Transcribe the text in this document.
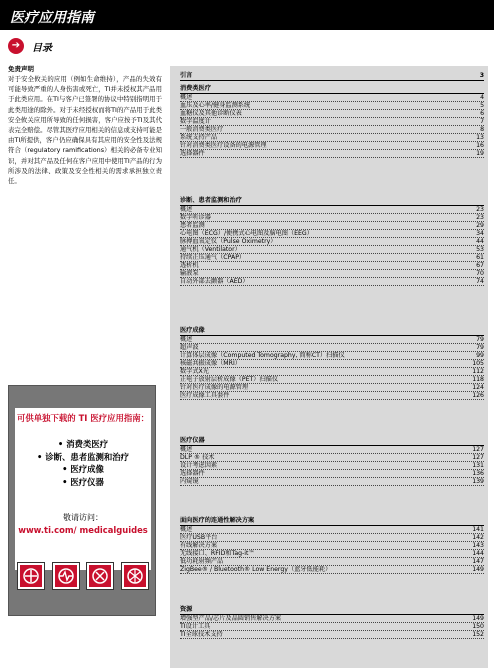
医疗应用指南
➔	目录
免责声明
对于安全攸关的应用（例如生命维持），产品的失效有可能导致严重的人身伤害或死亡，TI并未授权其产品用于此类应用。在TI与客户已签署的协议中特别指明用于此类用途的除外。对于未经授权而将TI的产品用于此类安全攸关应用所导致的任何损害，客户应按予TI及其代表完全赔偿。尽管其医疗应用相关的信息或支持可能是由TI所提供，客户仍应确保具有其应用的安全性及法规符合（regulatory ramifications）相关的必备专业知识，并对其产品及任何在客户应用中使用TI产品的行为所涉及的法律、政策及安全性相关的需求承担独立责任。
可供单独下载的 TI 医疗应用指南：
• 消费类医疗
• 诊断、患者监测和治疗
• 医疗成像
• 医疗仪器
敬请访问：
www.ti.com/ medicalguides
引言	3
消费类医疗
概述	4
血压及心率/健身监测系统	5
血糖仪及其他诊断仪表	6
数字温度计	7
一般消费类医疗	8
系统支持产品	13
针对消费类医疗设备的电源管理	16
选择器件	19
诊断、患者监测和治疗
概述	23
数字听诊器	23
患者监测	29
心电图（ECG）/便携式心电图及脑电图（EEG）	34
脉搏血氧定仪（Pulse Oximetry）	44
通气机（Ventilator）	53
持续正压通气（CPAP）	61
透析机	67
输液泵	70
自动外部去颤器（AED）	74
医疗成像
概述	79
超声波	79
计算体层成像（Computed Tomography, 简称CT）扫描仪	99
核磁共振成像（MRI）	105
数字式X光	112
正电子放射层析成像（PET）扫描仪	118
针对医疗成像的电源管理	124
医疗成像工具套件	126
医疗仪器
概述	127
DLP ® 技术	127
设计考虑因素	131
选择器件	136
内窥镜	139
面向医疗的连通性解决方案
概述	141
医疗USB平台	142
有线解决方案	143
无线接口、RFID和Tag-it™	144
低功耗射频产品	147
ZigBee® / Bluetooth® Low Energy（蓝牙低能耗）	149
资源
增强型产品/芯片及晶圆销售解决方案	149
TI设计工具	150
TI全球技术支持	152
